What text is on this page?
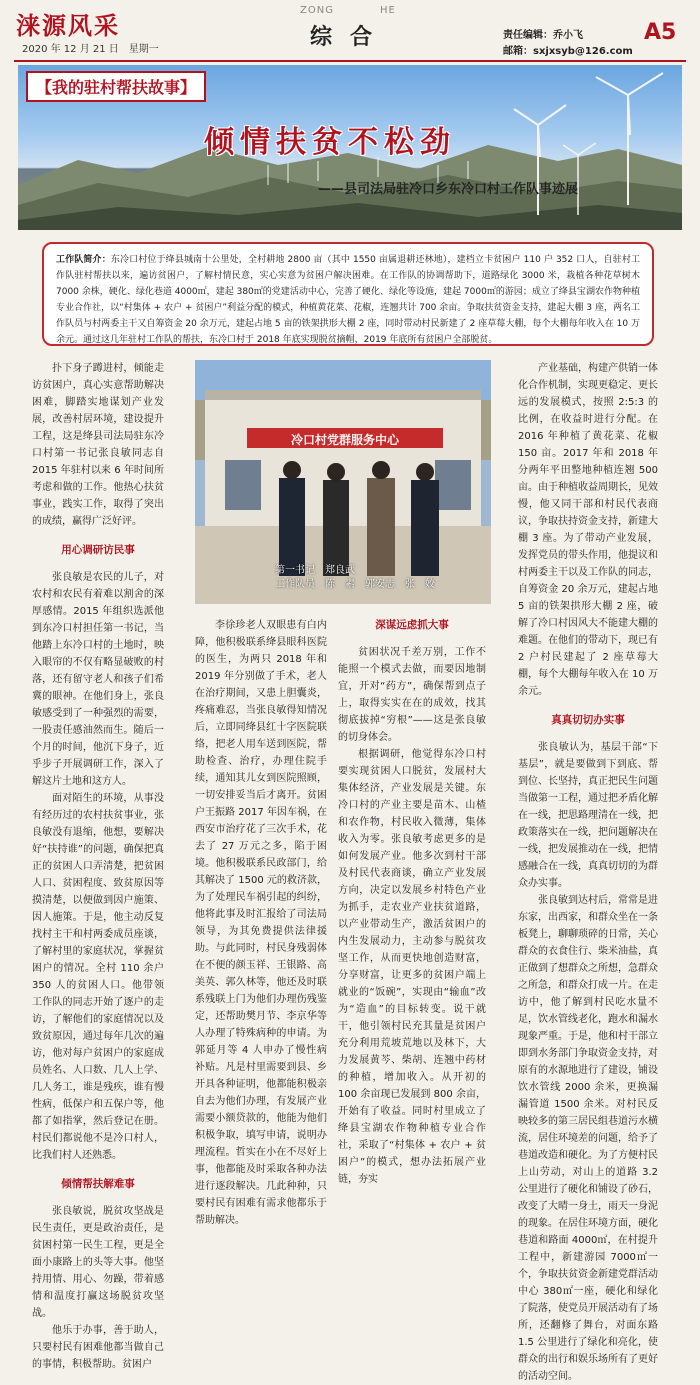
涞源风采
2020 年 12 月 21 日　星期一
ZONG	HE
综合	责任编辑：乔小飞
邮箱：sxjxsyb@126.com
A5
【我的驻村帮扶故事】
倾情扶贫不松劲
——县司法局驻冷口乡东冷口村工作队事迹展
工作队简介：东冷口村位于绛县城南十公里处，全村耕地 2800 亩（其中 1550 亩属退耕还林地），建档立卡贫困户 110 户 352 口人，自驻村工作队驻村帮扶以来，遍访贫困户，了解村情民意，实心实意为贫困户解决困难。在工作队的协调帮助下，道路绿化 3000 米，栽植各种花草树木 7000 余株，硬化、绿化巷道 4000㎡，建起 380㎡的党建活动中心，完善了硬化、绿化等设施，建起 7000㎡的游园；成立了绛县宝湖农作物种植专业合作社，以“村集体 + 农户 + 贫困户”利益分配的模式，种植黄花菜、花椒，连翘共计 700 余亩。争取扶贫资金支持，建起大棚 3 座，两名工作队员与村两委主干又自筹资金 20 余万元，建起占地 5 亩的铁架拱形大棚 2 座，同时带动村民新建了 2 座草莓大棚，每个大棚每年收入在 10 万余元。通过这几年驻村工作队的帮扶，东冷口村于 2018 年底实现脱贫摘帽，2019 年底所有贫困户全部脱贫。

扑下身子蹲进村，倾能走访贫困户，真心实意帮助解决困难，脚踏实地谋划产业发展，改善村居环境，建设提升工程，这是绛县司法局驻东冷口村第一书记张良敏同志自 2015 年驻村以来 6 年时间所考虑和做的工作。他热心扶贫事业，践实工作，取得了突出的成绩，赢得广泛好评。

用心调研访民事

张良敏是农民的儿子，对农村和农民有着难以割舍的深厚感情。2015 年组织选派他到东冷口村担任第一书记，当他踏上东冷口村的土地时，映入眼帘的不仅有略显破败的村落，还有留守老人和孩子们希冀的眼神。在他们身上，张良敏感受到了一种强烈的需要，一股责任感油然而生。随后一个月的时间，他沉下身子，近乎步子开展调研工作，深入了解这片土地和这方人。

面对陌生的环境，从事没有经历过的农村扶贫事业，张良敏没有退缩，他想，要解决好“扶持谁”的问题，确保把真正的贫困人口弄清楚，把贫困人口、贫困程度、致贫原因等摸清楚，以便做到因户施策、因人施策。于是，他主动反复找村主干和村两委成员座谈，了解村里的家庭状况，掌握贫困户的情况。全村 110 余户 350 人的贫困人口。他带领工作队的同志开始了逐户的走访，了解他们的家庭情况以及致贫原因，通过每年几次的遍访，他对每户贫困户的家庭成员姓名、人口数、几人上学、几人务工，谁是残疾，谁有慢性病，低保户和五保户等，他都了如指掌，然后登记在册。村民们都说他不是冷口村人，比我们村人还熟悉。

倾情帮扶解难事

张良敏说，脱贫攻坚战是民生责任，更是政治责任，是贫困村第一民生工程，更是全面小康路上的头等大事。他坚持用情、用心、勿躁，带着感情和温度打赢这场脱贫攻坚战。

他乐于办事，善于助人，只要村民有困难他都当做自己的事情，积极帮助。贫困户

冷口村党群服务中心
第一书记　郑良武
工作队员　陈　素　郭安志　张　姣

李徐珍老人双眼患有白内障，他积极联系绛县眼科医院的医生，为两只 2018 年和 2019 年分别做了手术，老人在治疗期间，又患上胆囊炎，疼痛难忍，当张良敏得知情况后，立即同绛县红十字医院联络，把老人用车送到医院，帮助检查、治疗，办理住院手续，通知其儿女到医院照顾，一切安排妥当后才离开。贫困户王振路 2017 年因车祸，在西安市治疗花了三次手术，花去了 27 万元之多，陷于困境。他积极联系民政部门，给其解决了 1500 元的救济款，为了处理民车祸引起的纠纷，他将此事及时汇报给了司法局领导，为其免费提供法律援助。与此同时，村民身残弱体在不便的颜玉祥、王银路、高美英、郭久林等，他还及时联系残联上门为他们办理伤残鉴定，还帮助樊月节、李京华等人办理了特殊病种的申请。为郭延月等 4 人申办了慢性病补贴。凡是村里需要到县、乡开具各种证明，他都能积极亲自去为他们办理，有发展产业需要小额贷款的，他能为他们积极争取，填写申请，说明办理流程。哲实在小在不尽好上事，他都能及时采取各种办法进行逐段解决。几此种种，只要村民有困难有需求他都乐于帮助解决。

深谋远虑抓大事

贫困状况千差万别，工作不能照一个模式去做，而要因地制宜，开对“药方”，确保帮到点子上，取得实实在在的成效，找其彻底拔掉“穷根”——这是张良敏的切身体会。

根据调研，他觉得东冷口村要实现贫困人口脱贫，发展村大集体经济，产业发展是关键。东冷口村的产业主要是苗木、山楂和农作物，村民收入微薄，集体收入为零。张良敏考虑更多的是如何发展产业。他多次到村干部及村民代表商谈，确立产业发展方向，决定以发展乡村特色产业为抓手，走农业产业扶贫道路，以产业带动生产，激活贫困户的内生发展动力，主动参与脱贫攻坚工作，从而更快地创造财富，分享财富，让更多的贫困户端上就业的“饭碗”，实现由“输血”改为“造血”的目标转变。说干就干，他引领村民充其量是贫困户充分利用荒坡荒地以及林下，大力发展黄芩、柴胡、连翘中药材的种植，增加收入。从开初的 100 余亩现已发展到 800 余亩，开始有了收益。同时村里成立了绛县宝湖农作物种植专业合作社，采取了“村集体 + 农户 + 贫困户”的模式，想办法拓展产业链，夯实

产业基础，构建产供销一体化合作机制，实现更稳定、更长远的发展模式，按照 2:5:3 的比例，在收益时进行分配。在 2016 年种植了黄花菜、花椒 150 亩。2017 年和 2018 年分两年平田整地种植连翘 500 亩。由于种植收益周期长，见效慢，他又同干部和村民代表商议，争取扶持资金支持，新建大棚 3 座。为了带动产业发展，发挥党员的带头作用，他提议和村两委主干以及工作队的同志，自筹资金 20 余万元，建起占地 5 亩的铁架拱形大棚 2 座，破解了冷口村因风大不能建大棚的难题。在他们的带动下，现已有 2 户村民建起了 2 座草莓大棚，每个大棚每年收入在 10 万余元。

真真切切办实事

张良敏认为，基层干部“下基层”，就是要做到下到底、帮到位、长坚持，真正把民生问题当做第一工程，通过把矛盾化解在一线，把思路理清在一线，把政策落实在一线，把问题解决在一线，把发展推动在一线，把情感融合在一线，真真切切的为群众办实事。

张良敏到达村后，常常是进东家，出西家，和群众坐在一条板凳上，聊聊琐碎的日常，关心群众的衣食住行、柴米油盐，真正做到了想群众之所想，急群众之所急，和群众打成一片。在走访中，他了解到村民吃水量不足，饮水管线老化，跑水和漏水现象严重。于是，他和村干部立即到水务部门争取资金支持，对原有的水源地进行了建设，铺设饮水管线 2000 余米，更换漏漏管道 1500 余米。对村民反映较多的第三居民组巷道污水横流，居住环境差的问题，给予了巷道改造和硬化。为了方便村民上山劳动，对山上的道路 3.2 公里进行了硬化和铺设了砂石，改变了大晴一身土，雨天一身泥的现象。在居住环境方面，硬化巷道和路面 4000㎡，在村提升工程中，新建游园 7000㎡一个，争取扶贫资金新建党群活动中心 380㎡一座，硬化和绿化了院落，使党员开展活动有了场所，还翻修了舞台，对面东路 1.5 公里进行了绿化和亮化，使群众的出行和娱乐场所有了更好的活动空间。
